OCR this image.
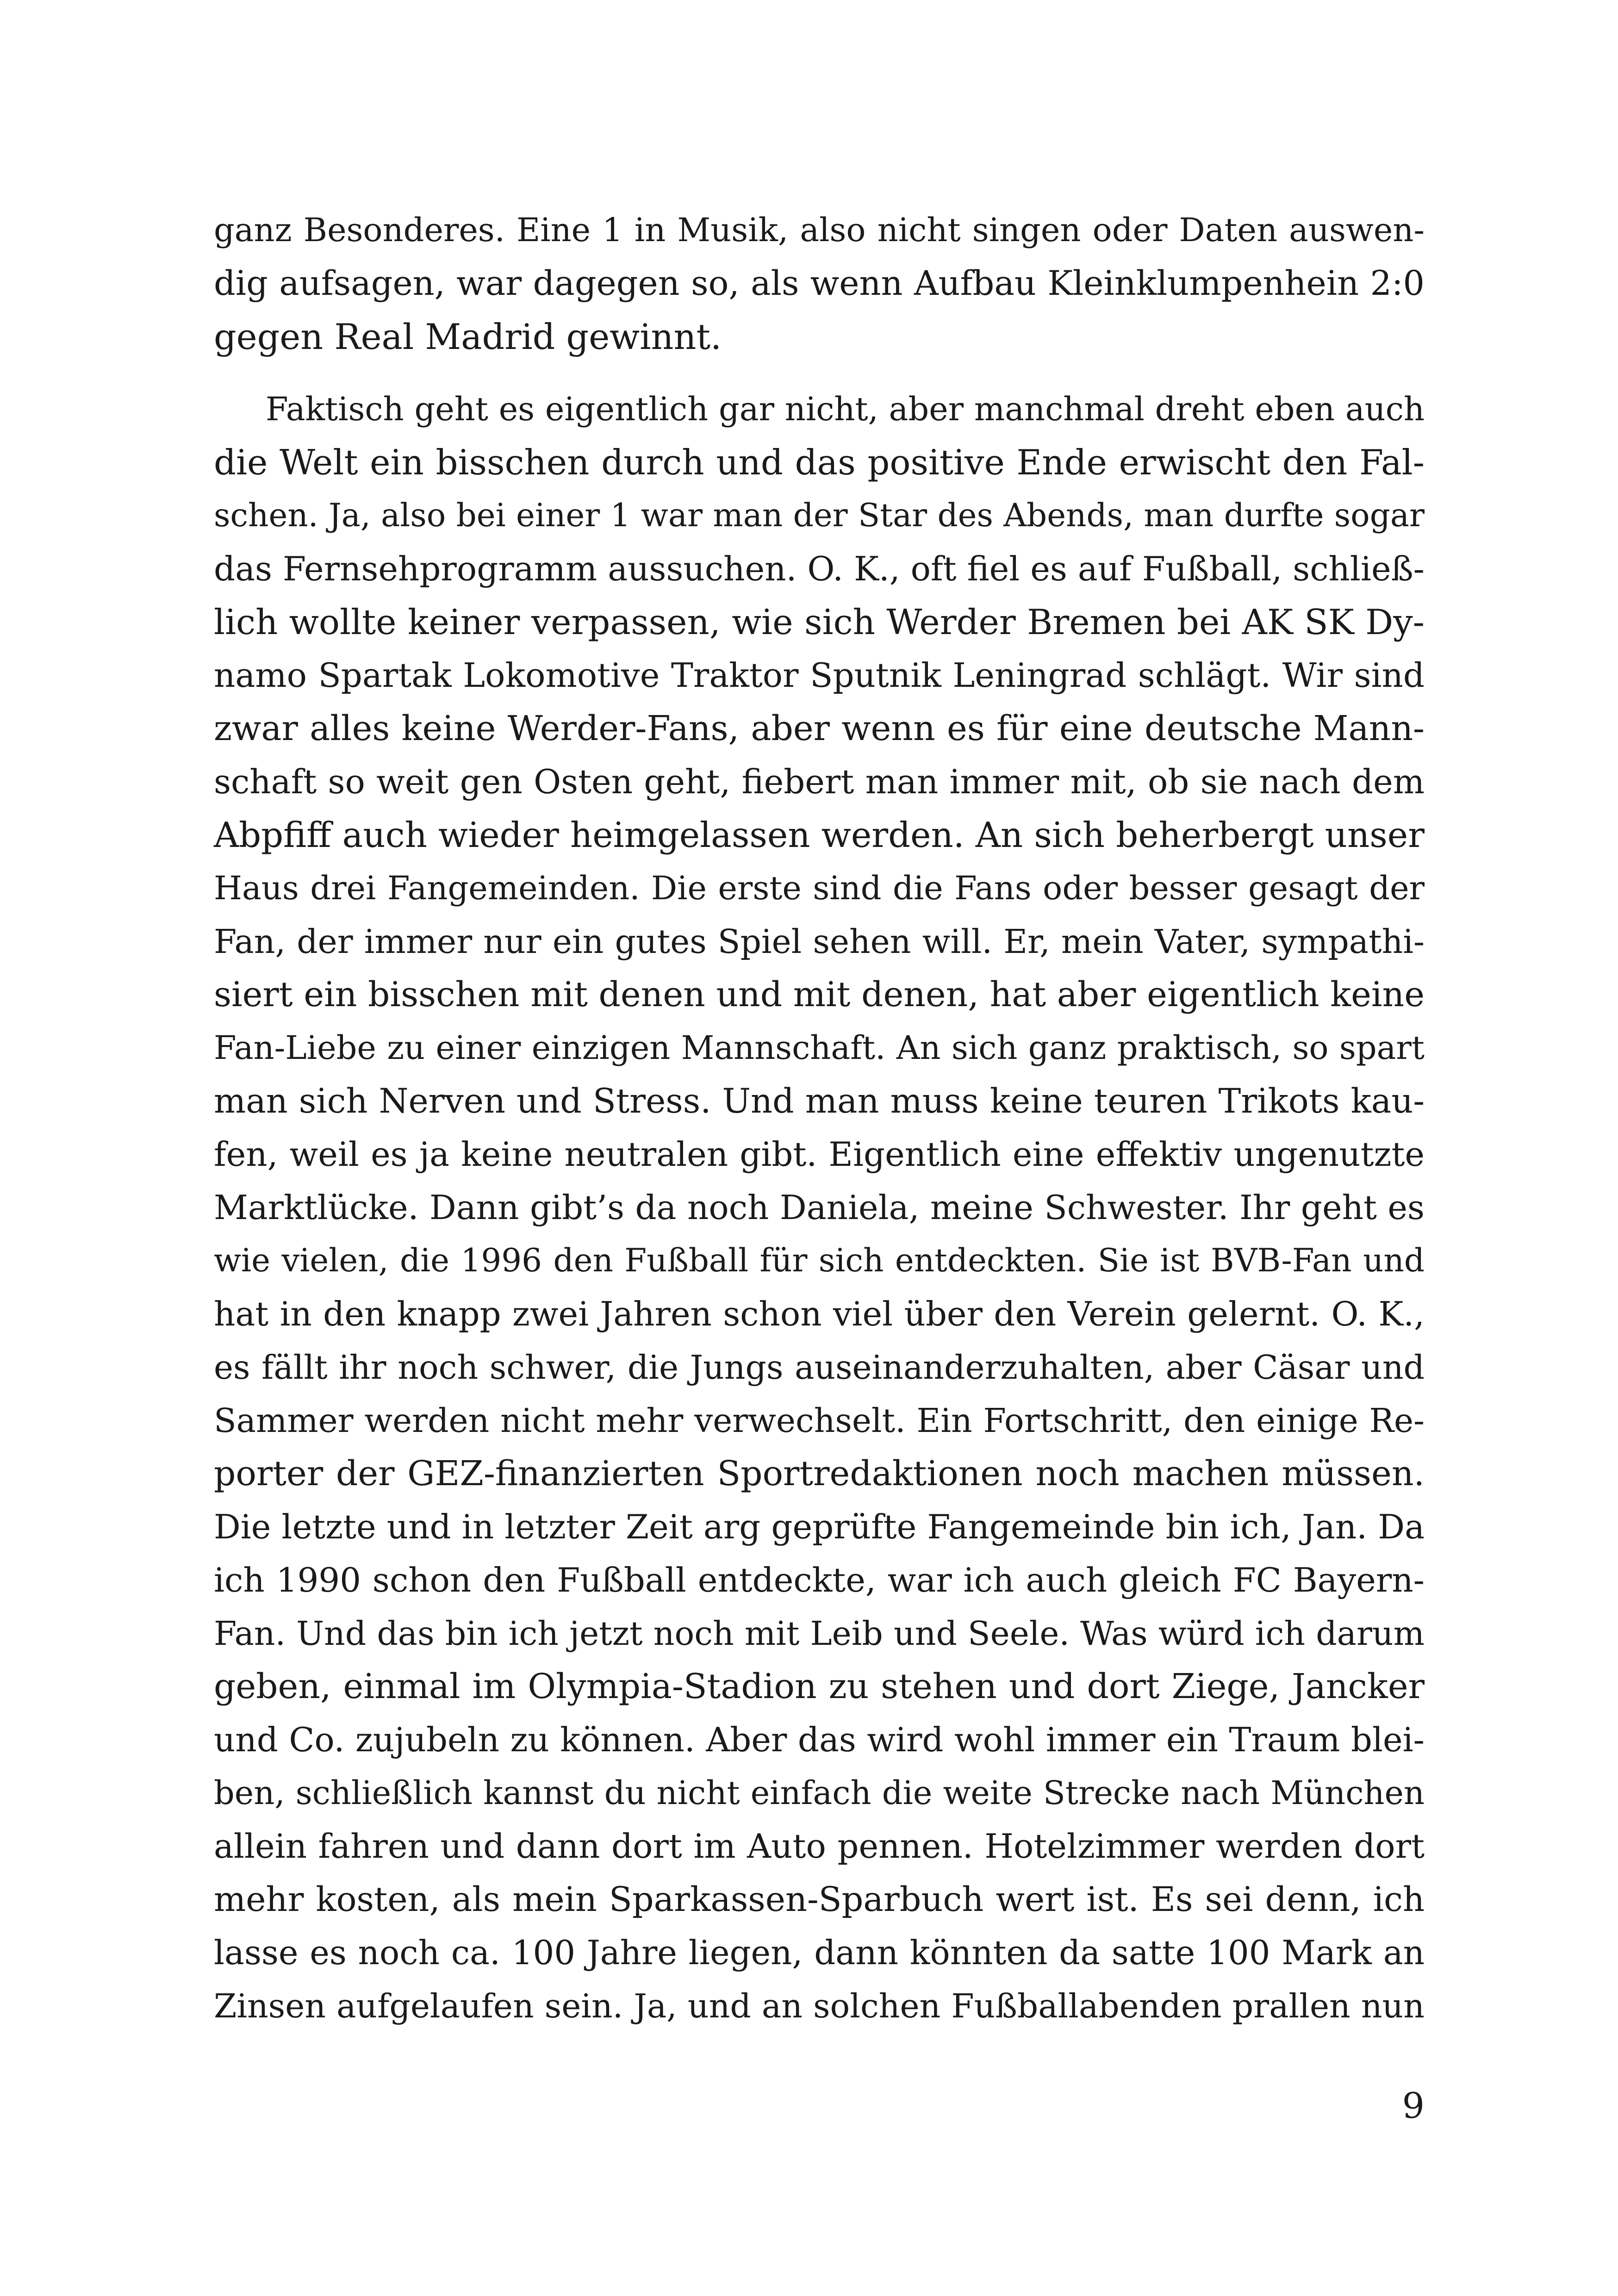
ganz Besonderes. Eine 1 in Musik, also nicht singen oder Daten auswen-
dig aufsagen, war dagegen so, als wenn Aufbau Kleinklumpenhein 2:0
gegen Real Madrid gewinnt.
Faktisch geht es eigentlich gar nicht, aber manchmal dreht eben auch
die Welt ein bisschen durch und das positive Ende erwischt den Fal-
schen. Ja, also bei einer 1 war man der Star des Abends, man durfte sogar
das Fernsehprogramm aussuchen. O. K., oft fiel es auf Fußball, schließ-
lich wollte keiner verpassen, wie sich Werder Bremen bei AK SK Dy-
namo Spartak Lokomotive Traktor Sputnik Leningrad schlägt. Wir sind
zwar alles keine Werder-Fans, aber wenn es für eine deutsche Mann-
schaft so weit gen Osten geht, fiebert man immer mit, ob sie nach dem
Abpfiff auch wieder heimgelassen werden. An sich beherbergt unser
Haus drei Fangemeinden. Die erste sind die Fans oder besser gesagt der
Fan, der immer nur ein gutes Spiel sehen will. Er, mein Vater, sympathi-
siert ein bisschen mit denen und mit denen, hat aber eigentlich keine
Fan-Liebe zu einer einzigen Mannschaft. An sich ganz praktisch, so spart
man sich Nerven und Stress. Und man muss keine teuren Trikots kau-
fen, weil es ja keine neutralen gibt. Eigentlich eine effektiv ungenutzte
Marktlücke. Dann gibt’s da noch Daniela, meine Schwester. Ihr geht es
wie vielen, die 1996 den Fußball für sich entdeckten. Sie ist BVB-Fan und
hat in den knapp zwei Jahren schon viel über den Verein gelernt. O. K.,
es fällt ihr noch schwer, die Jungs auseinanderzuhalten, aber Cäsar und
Sammer werden nicht mehr verwechselt. Ein Fortschritt, den einige Re-
porter der GEZ-finanzierten Sportredaktionen noch machen müssen.
Die letzte und in letzter Zeit arg geprüfte Fangemeinde bin ich, Jan. Da
ich 1990 schon den Fußball entdeckte, war ich auch gleich FC Bayern-
Fan. Und das bin ich jetzt noch mit Leib und Seele. Was würd ich darum
geben, einmal im Olympia-Stadion zu stehen und dort Ziege, Jancker
und Co. zujubeln zu können. Aber das wird wohl immer ein Traum blei-
ben, schließlich kannst du nicht einfach die weite Strecke nach München
allein fahren und dann dort im Auto pennen. Hotelzimmer werden dort
mehr kosten, als mein Sparkassen-Sparbuch wert ist. Es sei denn, ich
lasse es noch ca. 100 Jahre liegen, dann könnten da satte 100 Mark an
Zinsen aufgelaufen sein. Ja, und an solchen Fußballabenden prallen nun
9
